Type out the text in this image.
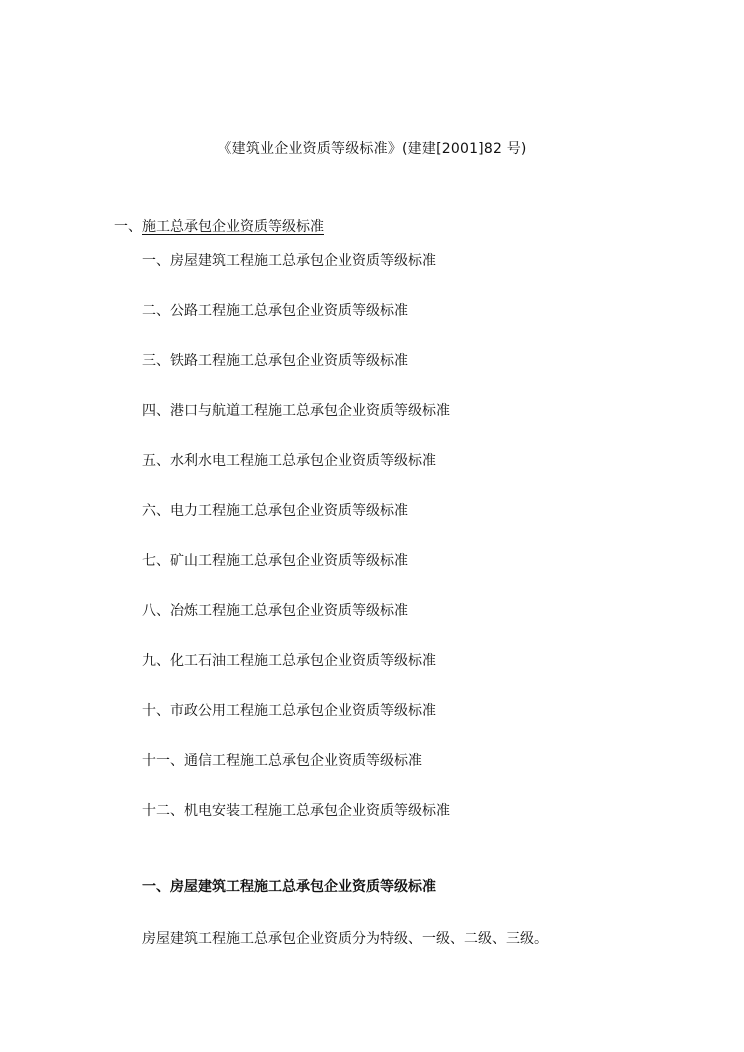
《建筑业企业资质等级标准》(建建[2001]82 号)
一、施工总承包企业资质等级标准
一、房屋建筑工程施工总承包企业资质等级标准
二、公路工程施工总承包企业资质等级标准
三、铁路工程施工总承包企业资质等级标准
四、港口与航道工程施工总承包企业资质等级标准
五、水利水电工程施工总承包企业资质等级标准
六、电力工程施工总承包企业资质等级标准
七、矿山工程施工总承包企业资质等级标准
八、冶炼工程施工总承包企业资质等级标准
九、化工石油工程施工总承包企业资质等级标准
十、市政公用工程施工总承包企业资质等级标准
十一、通信工程施工总承包企业资质等级标准
十二、机电安装工程施工总承包企业资质等级标准
一、房屋建筑工程施工总承包企业资质等级标准
房屋建筑工程施工总承包企业资质分为特级、一级、二级、三级。
